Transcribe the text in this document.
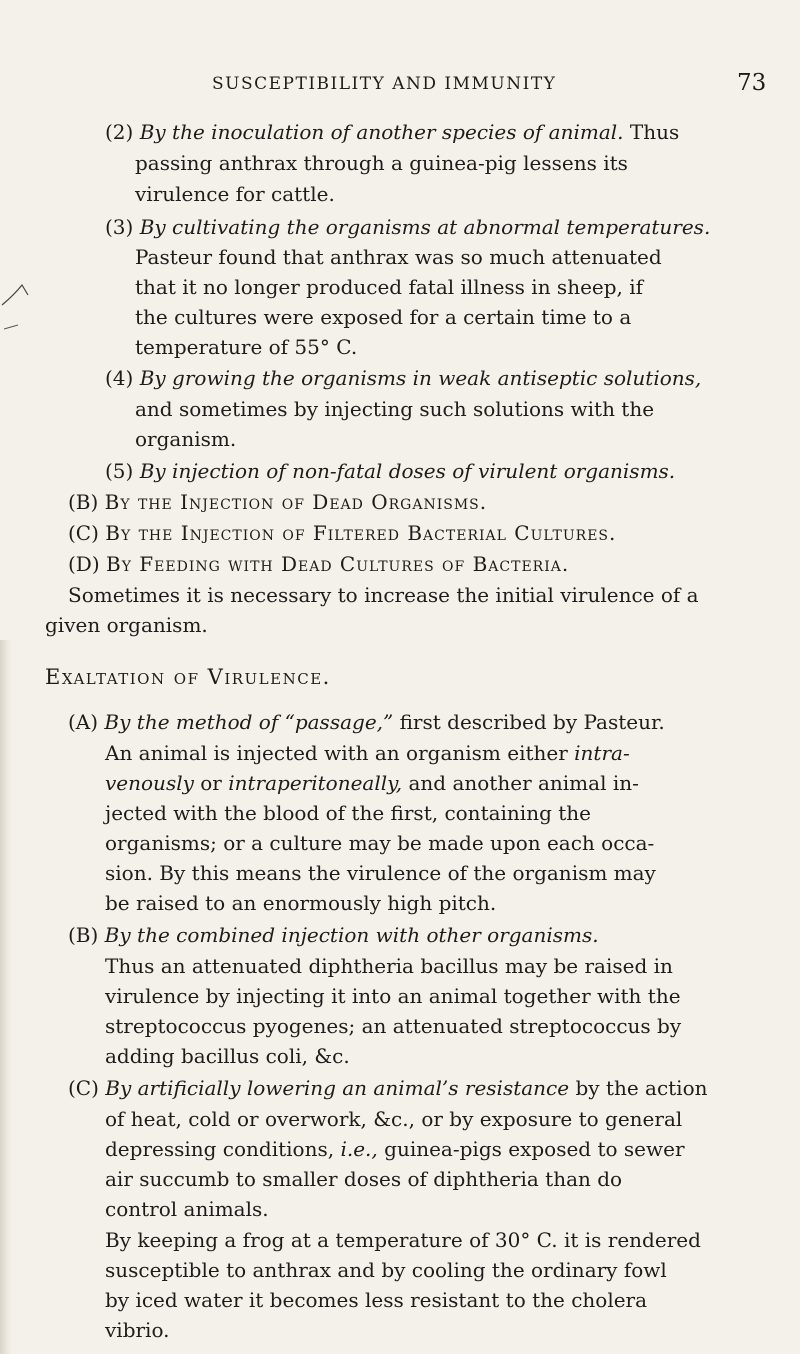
SUSCEPTIBILITY AND IMMUNITY	73
(2) By the inoculation of another species of animal. Thus
passing anthrax through a guinea-pig lessens its
virulence for cattle.
(3) By cultivating the organisms at abnormal temperatures.
Pasteur found that anthrax was so much attenuated
that it no longer produced fatal illness in sheep, if
the cultures were exposed for a certain time to a
temperature of 55° C.
(4) By growing the organisms in weak antiseptic solutions,
and sometimes by injecting such solutions with the
organism.
(5) By injection of non-fatal doses of virulent organisms.
(B) By the Injection of Dead Organisms.
(C) By the Injection of Filtered Bacterial Cultures.
(D) By Feeding with Dead Cultures of Bacteria.
Sometimes it is necessary to increase the initial virulence of a
given organism.
Exaltation of Virulence.
(A) By the method of “passage,” first described by Pasteur.
An animal is injected with an organism either intra-
venously or intraperitoneally, and another animal in-
jected with the blood of the first, containing the
organisms; or a culture may be made upon each occa-
sion. By this means the virulence of the organism may
be raised to an enormously high pitch.
(B) By the combined injection with other organisms.
Thus an attenuated diphtheria bacillus may be raised in
virulence by injecting it into an animal together with the
streptococcus pyogenes; an attenuated streptococcus by
adding bacillus coli, &c.
(C) By artificially lowering an animal’s resistance by the action
of heat, cold or overwork, &c., or by exposure to general
depressing conditions, i.e., guinea-pigs exposed to sewer
air succumb to smaller doses of diphtheria than do
control animals.
By keeping a frog at a temperature of 30° C. it is rendered
susceptible to anthrax and by cooling the ordinary fowl
by iced water it becomes less resistant to the cholera
vibrio.
